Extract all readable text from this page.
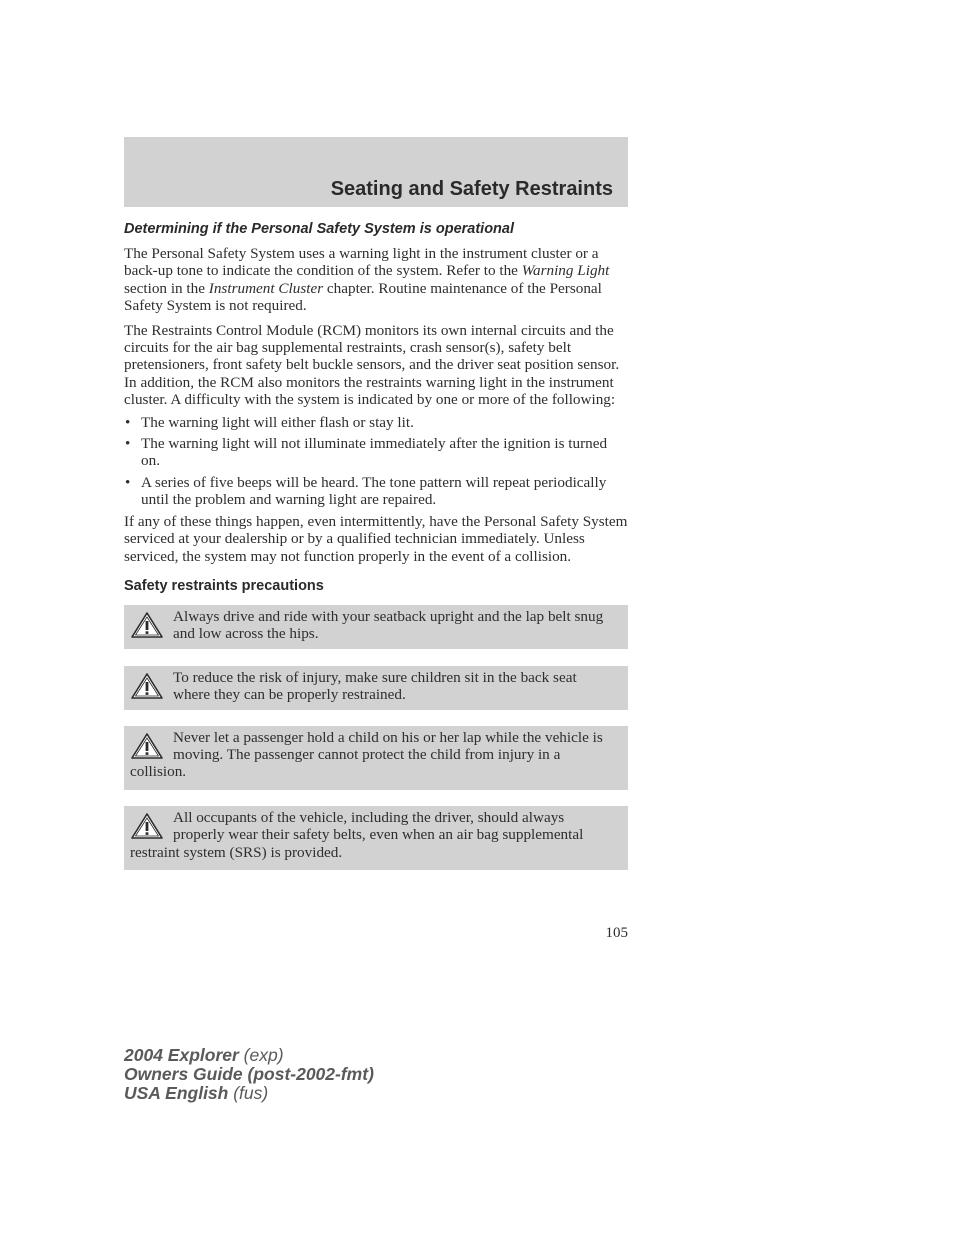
Seating and Safety Restraints
Determining if the Personal Safety System is operational

The Personal Safety System uses a warning light in the instrument cluster or a back-up tone to indicate the condition of the system. Refer to the Warning Light section in the Instrument Cluster chapter. Routine maintenance of the Personal Safety System is not required.

The Restraints Control Module (RCM) monitors its own internal circuits and the circuits for the air bag supplemental restraints, crash sensor(s), safety belt pretensioners, front safety belt buckle sensors, and the driver seat position sensor. In addition, the RCM also monitors the restraints warning light in the instrument cluster. A difficulty with the system is indicated by one or more of the following:

• The warning light will either flash or stay lit.
• The warning light will not illuminate immediately after the ignition is turned on.
• A series of five beeps will be heard. The tone pattern will repeat periodically until the problem and warning light are repaired.

If any of these things happen, even intermittently, have the Personal Safety System serviced at your dealership or by a qualified technician immediately. Unless serviced, the system may not function properly in the event of a collision.

Safety restraints precautions
Always drive and ride with your seatback upright and the lap belt snug and low across the hips.
To reduce the risk of injury, make sure children sit in the back seat where they can be properly restrained.
Never let a passenger hold a child on his or her lap while the vehicle is moving. The passenger cannot protect the child from injury in a collision.
All occupants of the vehicle, including the driver, should always properly wear their safety belts, even when an air bag supplemental restraint system (SRS) is provided.
105
2004 Explorer (exp)
Owners Guide (post-2002-fmt)
USA English (fus)
